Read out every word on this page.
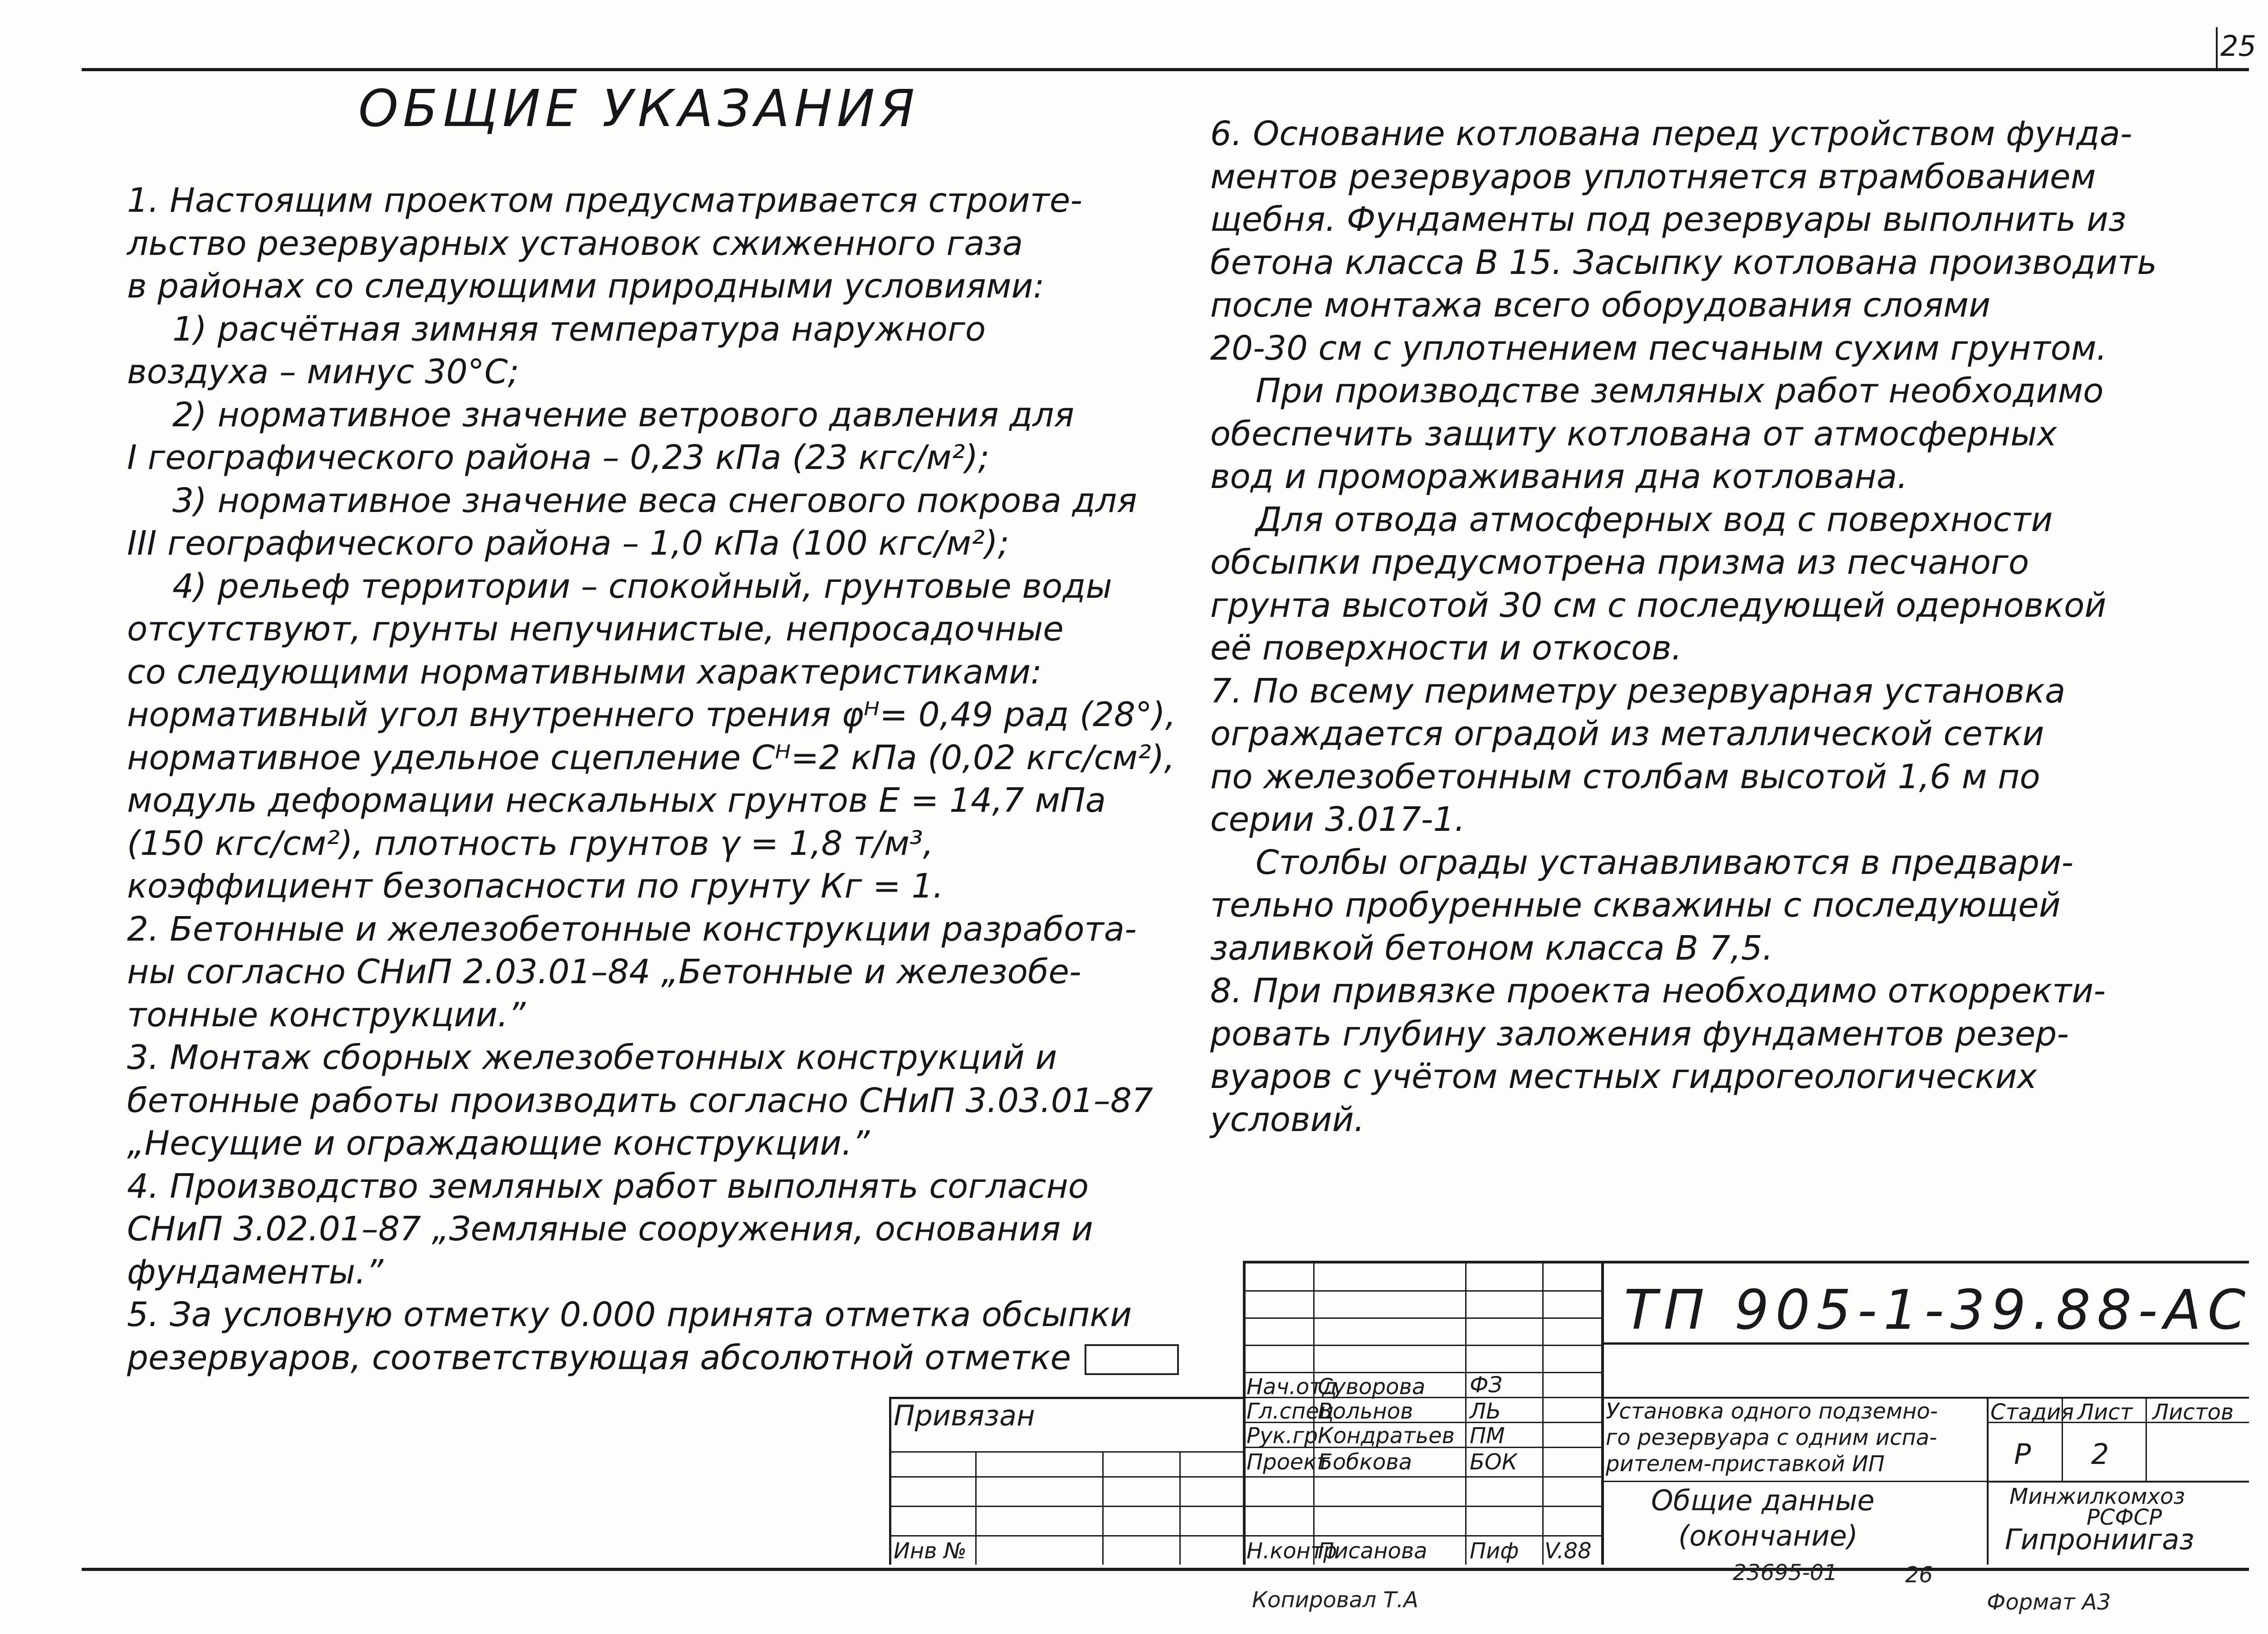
25
ОБЩИЕ УКАЗАНИЯ

1. Настоящим проектом предусматривается строите-

льство резервуарных установок сжиженного газа

в районах со следующими природными условиями:

1) расчётная зимняя температура наружного

воздуха – минус 30°С;

2) нормативное значение ветрового давления для

I географического района – 0,23 кПа (23 кгс/м²);

3) нормативное значение веса снегового покрова для

III географического района – 1,0 кПа (100 кгс/м²);

4) рельеф территории – спокойный, грунтовые воды

отсутствуют, грунты непучинистые, непросадочные

со следующими нормативными характеристиками:

нормативный угол внутреннего трения φᴴ= 0,49 рад (28°),

нормативное удельное сцепление Сᴴ=2 кПа (0,02 кгс/см²),

модуль деформации нескальных грунтов Е = 14,7 мПа

(150 кгс/см²), плотность грунтов γ = 1,8 т/м³,

коэффициент безопасности по грунту Кг = 1.

2. Бетонные и железобетонные конструкции разработа-

ны согласно СНиП 2.03.01–84 „Бетонные и железобе-

тонные конструкции.”

3. Монтаж сборных железобетонных конструкций и

бетонные работы производить согласно СНиП 3.03.01–87

„Несущие и ограждающие конструкции.”

4. Производство земляных работ выполнять согласно

СНиП 3.02.01–87 „Земляные сооружения, основания и

фундаменты.”

5. За условную отметку 0.000 принята отметка обсыпки

резервуаров, соответствующая абсолютной отметке

6. Основание котлована перед устройством фунда-

ментов резервуаров уплотняется втрамбованием

щебня. Фундаменты под резервуары выполнить из

бетона класса В 15. Засыпку котлована производить

после монтажа всего оборудования слоями

20-30 см с уплотнением песчаным сухим грунтом.

При производстве земляных работ необходимо

обеспечить защиту котлована от атмосферных

вод и промораживания дна котлована.

Для отвода атмосферных вод с поверхности

обсыпки предусмотрена призма из песчаного

грунта высотой 30 см с последующей одерновкой

её поверхности и откосов.

7. По всему периметру резервуарная установка

ограждается оградой из металлической сетки

по железобетонным столбам высотой 1,6 м по

серии 3.017-1.

Столбы ограды устанавливаются в предвари-

тельно пробуренные скважины с последующей

заливкой бетоном класса В 7,5.

8. При привязке проекта необходимо откорректи-

ровать глубину заложения фундаментов резер-

вуаров с учётом местных гидрогеологических

условий.

ТП 905-1-39.88-АС
Привязан
Инв №
Нач.отд
Гл.спец
Рук.гр
Проект
Н.контр
Суворова
Вольнов
Кондратьев
Бобкова
Писанова
ФЗ
ЛЬ
ПМ
БОК
Пиф V.88
Установка одного подземно-
го резервуара с одним испа-
рителем-приставкой ИП
Общие данные
(окончание)
Стадия Лист Листов
Р 2
Минжилкомхоз
РСФСР
Гипрониигаз
Копировал Т.А
23695-01	26
Формат А3
